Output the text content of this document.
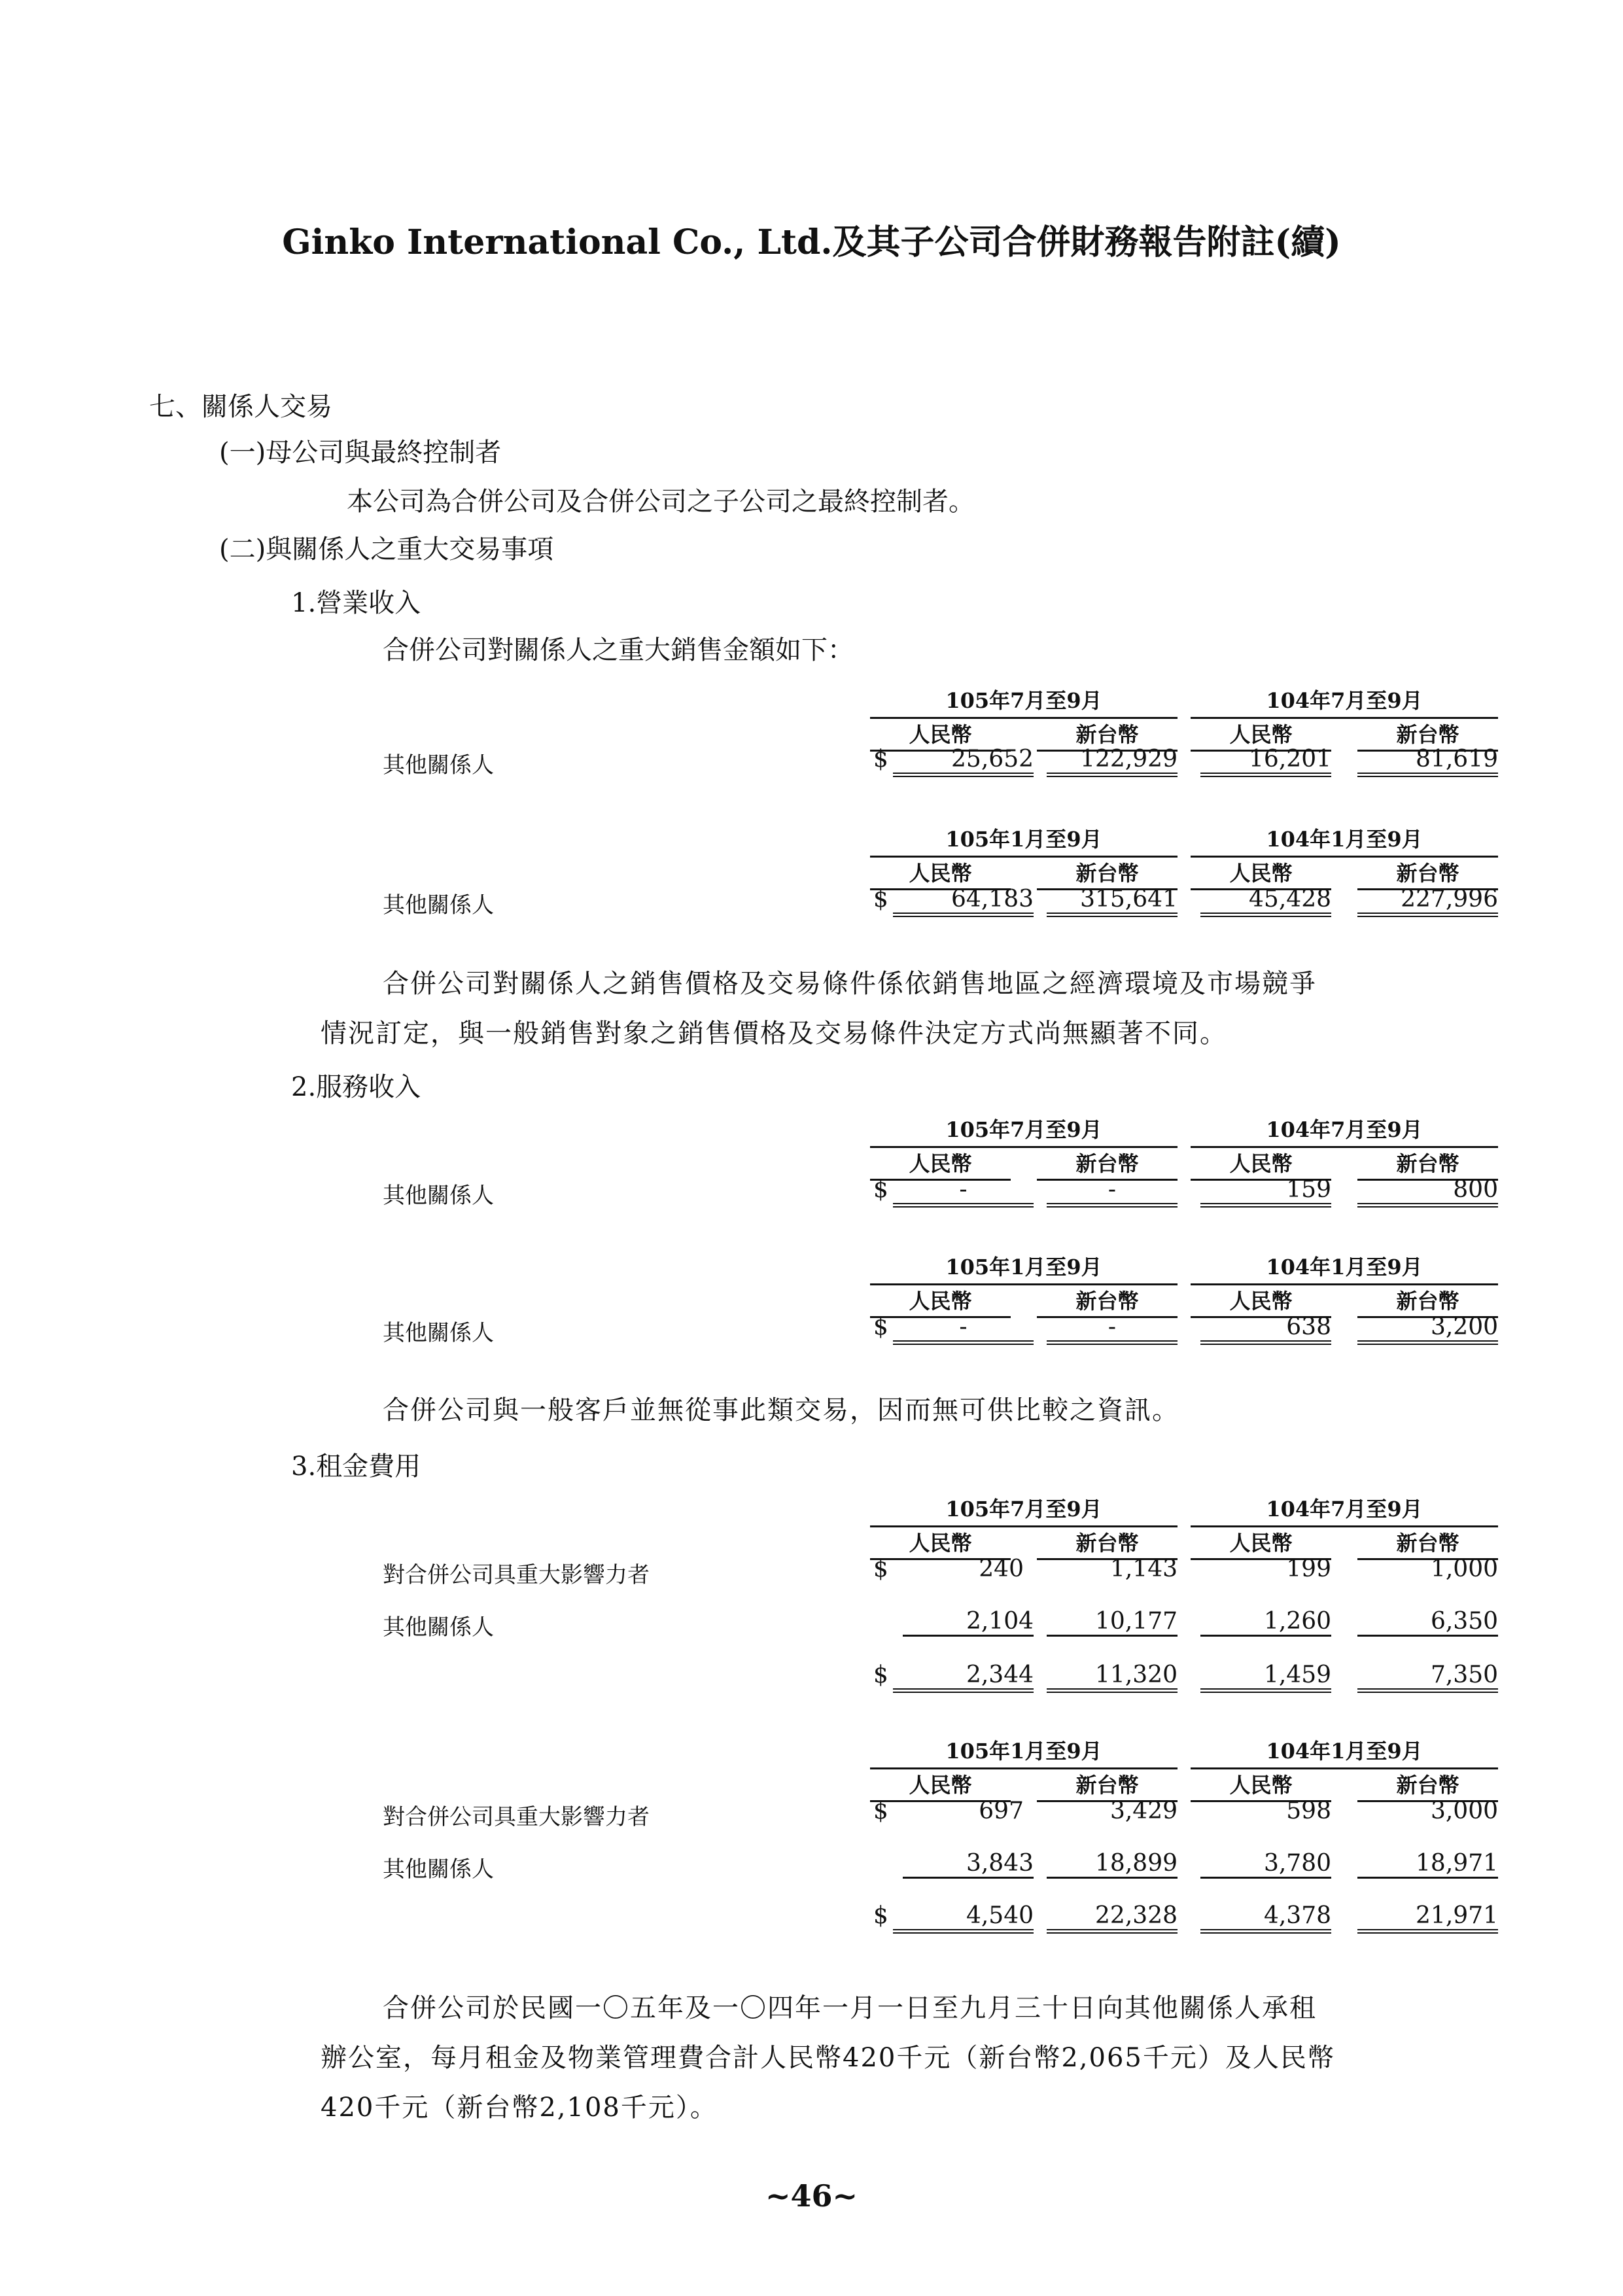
Ginko International Co., Ltd.及其子公司合併財務報告附註(續)
七、關係人交易
(一)母公司與最終控制者
本公司為合併公司及合併公司之子公司之最終控制者。
(二)與關係人之重大交易事項
1.營業收入
合併公司對關係人之重大銷售金額如下：
105年7月至9月	104年7月至9月
人民幣	新台幣	人民幣	新台幣
其他關係人	$	25,652	122,929	16,201	81,619
105年1月至9月	104年1月至9月
人民幣	新台幣	人民幣	新台幣
其他關係人	$	64,183	315,641	45,428	227,996
合併公司對關係人之銷售價格及交易條件係依銷售地區之經濟環境及市場競爭
情況訂定，與一般銷售對象之銷售價格及交易條件決定方式尚無顯著不同。
2.服務收入
105年7月至9月	104年7月至9月
人民幣	新台幣	人民幣	新台幣
其他關係人	$	-	-	159	800
105年1月至9月	104年1月至9月
人民幣	新台幣	人民幣	新台幣
其他關係人	$	-	-	638	3,200
合併公司與一般客戶並無從事此類交易，因而無可供比較之資訊。
3.租金費用
105年7月至9月	104年7月至9月
人民幣	新台幣	人民幣	新台幣
對合併公司具重大影響力者	$	240	1,143	199	1,000
其他關係人	2,104	10,177	1,260	6,350
$	2,344	11,320	1,459	7,350
105年1月至9月	104年1月至9月
人民幣	新台幣	人民幣	新台幣
對合併公司具重大影響力者	$	697	3,429	598	3,000
其他關係人	3,843	18,899	3,780	18,971
$	4,540	22,328	4,378	21,971
合併公司於民國一〇五年及一〇四年一月一日至九月三十日向其他關係人承租
辦公室，每月租金及物業管理費合計人民幣420千元（新台幣2,065千元）及人民幣
420千元（新台幣2,108千元）。
~46~
